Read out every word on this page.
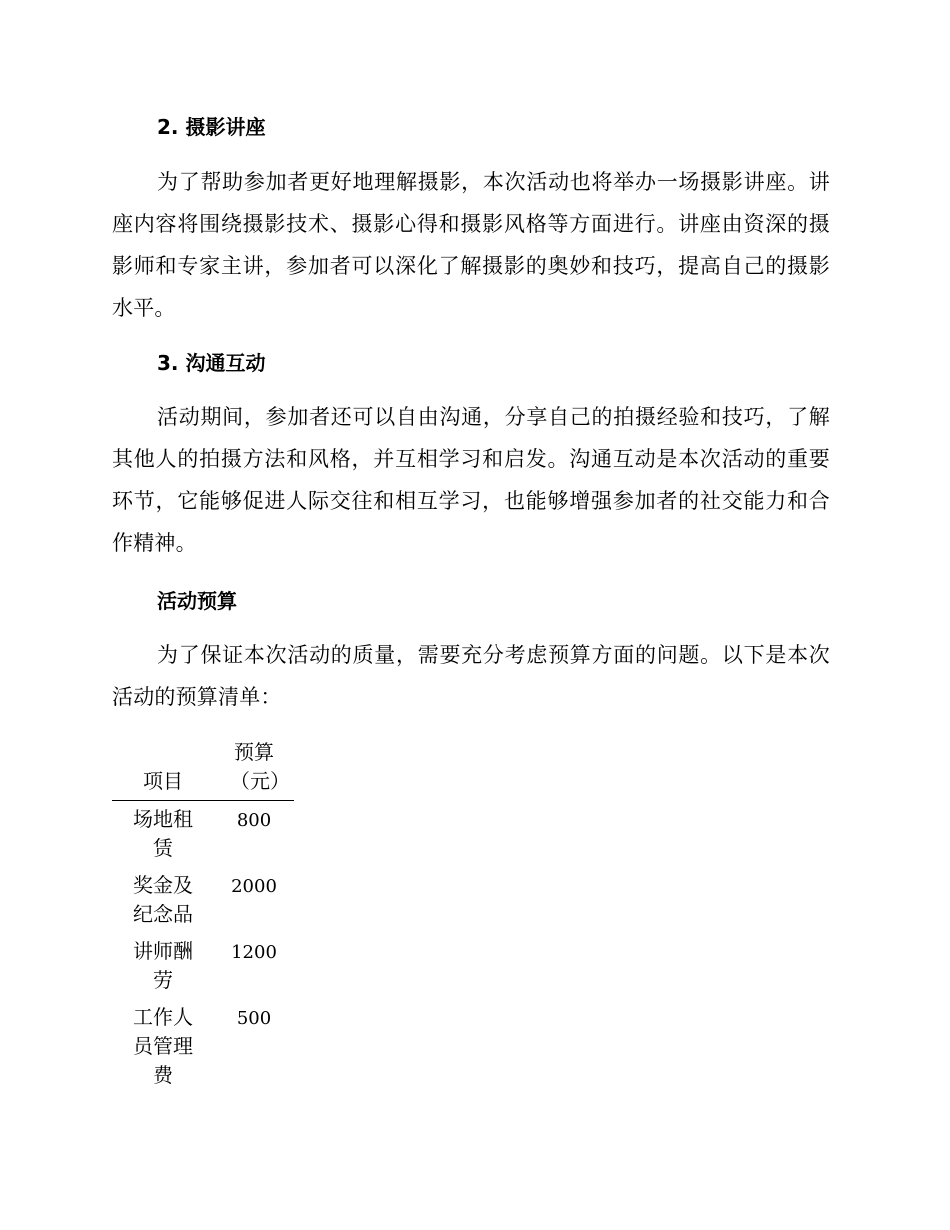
2. 摄影讲座
为了帮助参加者更好地理解摄影，本次活动也将举办一场摄影讲座。讲座内容将围绕摄影技术、摄影心得和摄影风格等方面进行。讲座由资深的摄影师和专家主讲，参加者可以深化了解摄影的奥妙和技巧，提高自己的摄影水平。
3. 沟通互动
活动期间，参加者还可以自由沟通，分享自己的拍摄经验和技巧，了解其他人的拍摄方法和风格，并互相学习和启发。沟通互动是本次活动的重要环节，它能够促进人际交往和相互学习，也能够增强参加者的社交能力和合作精神。
活动预算
为了保证本次活动的质量，需要充分考虑预算方面的问题。以下是本次活动的预算清单：
项目	预算（元）
场地租赁	800
奖金及纪念品	2000
讲师酬劳	1200
工作人员管理费	500
